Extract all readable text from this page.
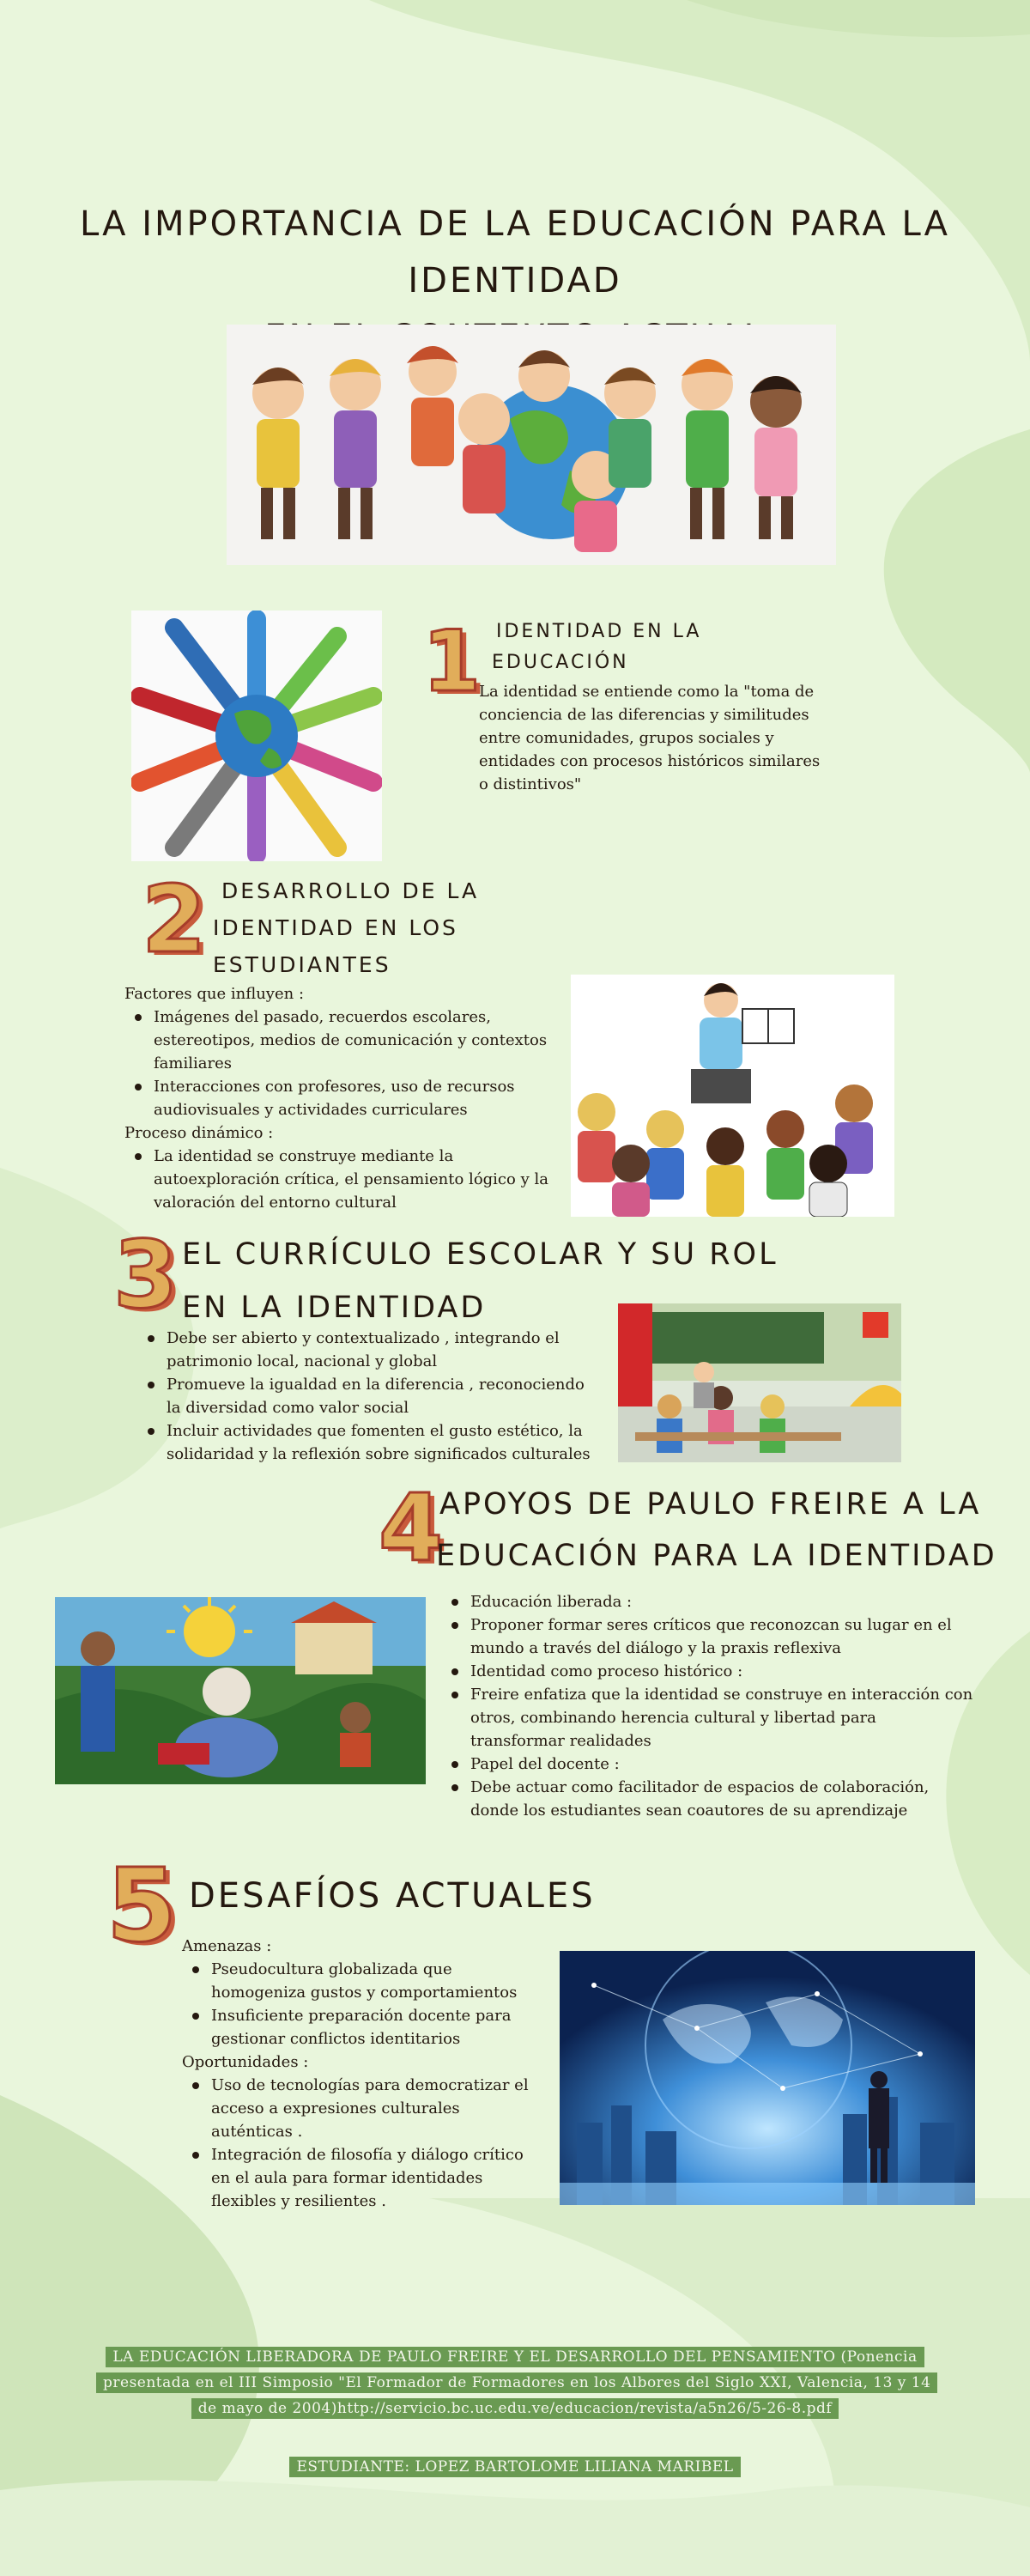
LA IMPORTANCIA DE LA EDUCACIÓN PARA LA IDENTIDAD
1 IDENTIDAD EN LA
EDUCACIÓN
La identidad se entiende como la "toma de conciencia de las diferencias y similitudes entre comunidades, grupos sociales y entidades con procesos históricos similares o distintivos"
2 DESARROLLO DE LA
IDENTIDAD EN LOS
ESTUDIANTES
Factores que influyen :
Imágenes del pasado, recuerdos escolares, estereotipos, medios de comunicación y contextos familiares
Interacciones con profesores, uso de recursos audiovisuales y actividades curriculares
Proceso dinámico :
La identidad se construye mediante la autoexploración crítica, el pensamiento lógico y la valoración del entorno cultural
3 EL CURRÍCULO ESCOLAR Y SU ROL
EN LA IDENTIDAD
Debe ser abierto y contextualizado , integrando el patrimonio local, nacional y global
Promueve la igualdad en la diferencia , reconociendo la diversidad como valor social
Incluir actividades que fomenten el gusto estético, la solidaridad y la reflexión sobre significados culturales
4
APOYOS DE PAULO FREIRE A LA
EDUCACIÓN PARA LA IDENTIDAD
Educación liberada :
Proponer formar seres críticos que reconozcan su lugar en el mundo a través del diálogo y la praxis reflexiva
Identidad como proceso histórico :
Freire enfatiza que la identidad se construye en interacción con otros, combinando herencia cultural y libertad para transformar realidades
Papel del docente :
Debe actuar como facilitador de espacios de colaboración, donde los estudiantes sean coautores de su aprendizaje
5 DESAFÍOS ACTUALES
Amenazas :
Pseudocultura globalizada que homogeniza gustos y comportamientos
Insuficiente preparación docente para gestionar conflictos identitarios
Oportunidades :
Uso de tecnologías para democratizar el acceso a expresiones culturales auténticas .
Integración de filosofía y diálogo crítico en el aula para formar identidades flexibles y resilientes .
LA EDUCACIÓN LIBERADORA DE PAULO FREIRE Y EL DESARROLLO DEL PENSAMIENTO (Ponencia presentada en el III Simposio "El Formador de Formadores en los Albores del Siglo XXI, Valencia, 13 y 14 de mayo de 2004)http://servicio.bc.uc.edu.ve/educacion/revista/a5n26/5-26-8.pdf
ESTUDIANTE: LOPEZ BARTOLOME LILIANA MARIBEL
